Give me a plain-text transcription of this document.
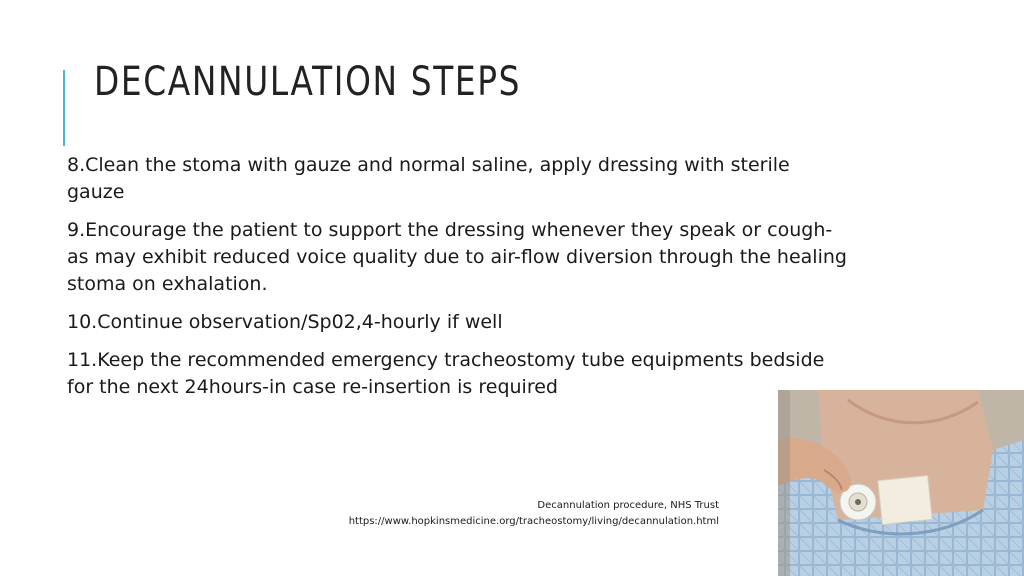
DECANNULATION STEPS

8.Clean the stoma with gauze and normal saline, apply dressing with sterile gauze

9.Encourage the patient to support the dressing whenever they speak or cough-as may exhibit reduced voice quality due to air-flow diversion through the healing stoma on exhalation.

10.Continue observation/Sp02,4-hourly if well

11.Keep the recommended emergency tracheostomy tube equipments bedside for the next 24hours-in case re-insertion is required

Decannulation procedure, NHS Trust
https://www.hopkinsmedicine.org/tracheostomy/living/decannulation.html
